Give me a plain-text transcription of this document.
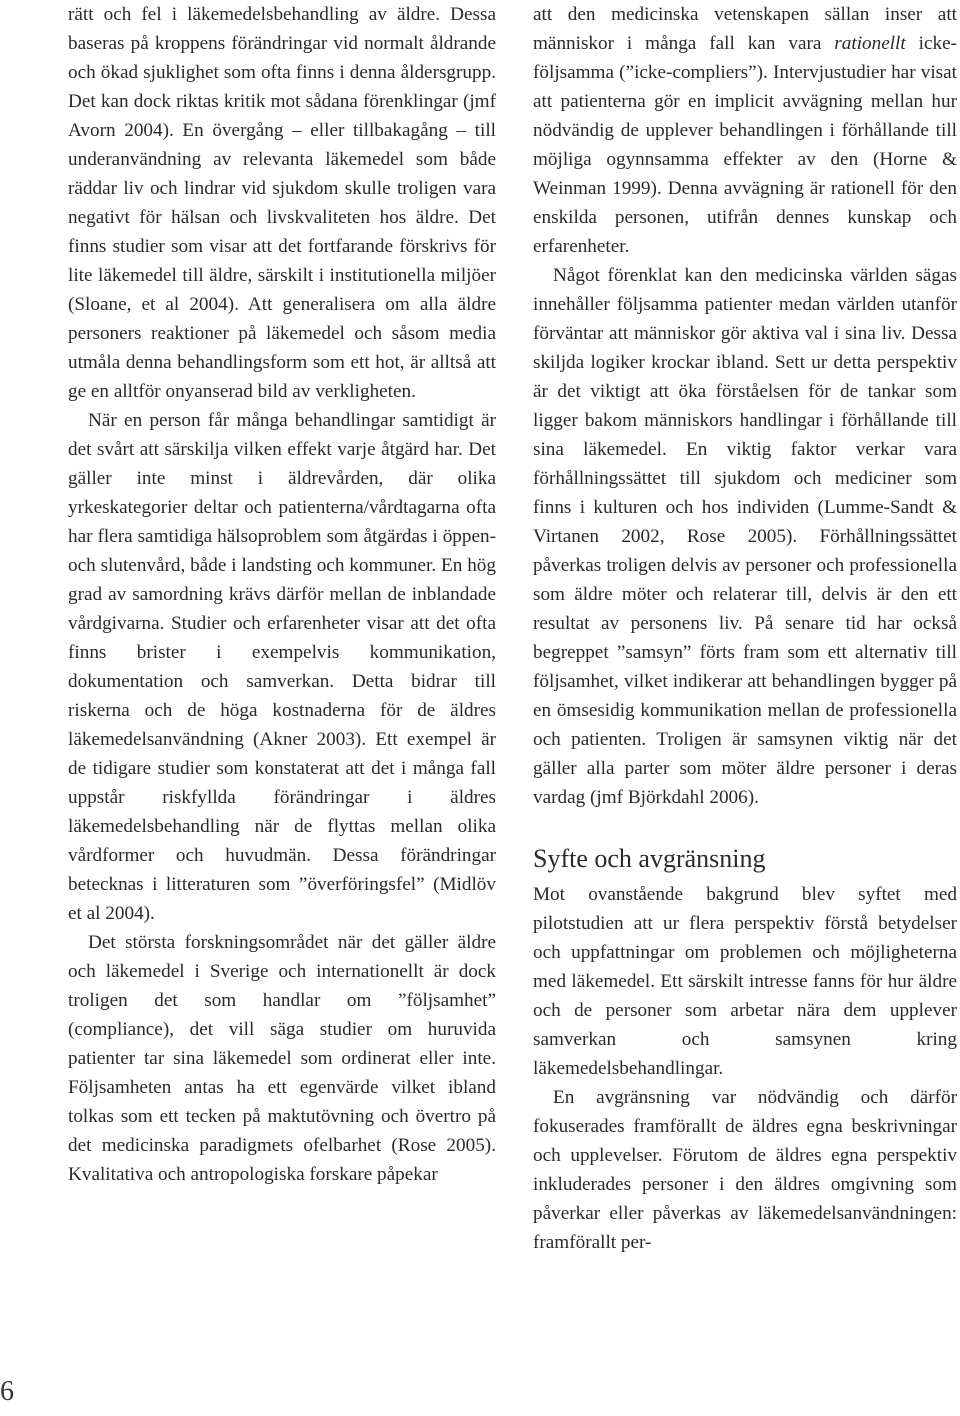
rätt och fel i läkemedelsbehandling av äldre. Dessa baseras på kroppens förändringar vid normalt åldrande och ökad sjuklighet som ofta finns i denna åldersgrupp. Det kan dock riktas kritik mot sådana förenklingar (jmf Avorn 2004). En övergång – eller tillbakagång – till underanvändning av relevanta läkemedel som både räddar liv och lindrar vid sjukdom skulle troligen vara negativt för hälsan och livskvaliteten hos äldre. Det finns studier som visar att det fortfarande förskrivs för lite läkemedel till äldre, särskilt i institutionella miljöer (Sloane, et al 2004). Att generalisera om alla äldre personers reaktioner på läkemedel och såsom media utmåla denna behandlingsform som ett hot, är alltså att ge en alltför onyanserad bild av verkligheten.

När en person får många behandlingar samtidigt är det svårt att särskilja vilken effekt varje åtgärd har. Det gäller inte minst i äldrevården, där olika yrkeskategorier deltar och patienterna/vårdtagarna ofta har flera samtidiga hälsoproblem som åtgärdas i öppen- och slutenvård, både i landsting och kommuner. En hög grad av samordning krävs därför mellan de inblandade vårdgivarna. Studier och erfarenheter visar att det ofta finns brister i exempelvis kommunikation, dokumentation och samverkan. Detta bidrar till riskerna och de höga kostnaderna för de äldres läkemedelsanvändning (Akner 2003). Ett exempel är de tidigare studier som konstaterat att det i många fall uppstår riskfyllda förändringar i äldres läkemedelsbehandling när de flyttas mellan olika vårdformer och huvudmän. Dessa förändringar betecknas i litteraturen som ”överföringsfel” (Midlöv et al 2004).

Det största forskningsområdet när det gäller äldre och läkemedel i Sverige och internationellt är dock troligen det som handlar om ”följsamhet” (compliance), det vill säga studier om huruvida patienter tar sina läkemedel som ordinerat eller inte. Följsamheten antas ha ett egenvärde vilket ibland tolkas som ett tecken på maktutövning och övertro på det medicinska paradigmets ofelbarhet (Rose 2005). Kvalitativa och antropologiska forskare påpekar

att den medicinska vetenskapen sällan inser att människor i många fall kan vara rationellt icke-följsamma (”icke-compliers”). Intervjustudier har visat att patienterna gör en implicit avvägning mellan hur nödvändig de upplever behandlingen i förhållande till möjliga ogynnsamma effekter av den (Horne & Weinman 1999). Denna avvägning är rationell för den enskilda personen, utifrån dennes kunskap och erfarenheter.

Något förenklat kan den medicinska världen sägas innehåller följsamma patienter medan världen utanför förväntar att människor gör aktiva val i sina liv. Dessa skiljda logiker krockar ibland. Sett ur detta perspektiv är det viktigt att öka förståelsen för de tankar som ligger bakom människors handlingar i förhållande till sina läkemedel. En viktig faktor verkar vara förhållningssättet till sjukdom och mediciner som finns i kulturen och hos individen (Lumme-Sandt & Virtanen 2002, Rose 2005). Förhållningssättet påverkas troligen delvis av personer och professionella som äldre möter och relaterar till, delvis är den ett resultat av personens liv. På senare tid har också begreppet ”samsyn” förts fram som ett alternativ till följsamhet, vilket indikerar att behandlingen bygger på en ömsesidig kommunikation mellan de professionella och patienten. Troligen är samsynen viktig när det gäller alla parter som möter äldre personer i deras vardag (jmf Björkdahl 2006).

Syfte och avgränsning

Mot ovanstående bakgrund blev syftet med pilotstudien att ur flera perspektiv förstå betydelser och uppfattningar om problemen och möjligheterna med läkemedel. Ett särskilt intresse fanns för hur äldre och de personer som arbetar nära dem upplever samverkan och samsynen kring läkemedelsbehandlingar.

En avgränsning var nödvändig och därför fokuserades framförallt de äldres egna beskrivningar och upplevelser. Förutom de äldres egna perspektiv inkluderades personer i den äldres omgivning som påverkar eller påverkas av läkemedelsanvändningen: framförallt per-

6
